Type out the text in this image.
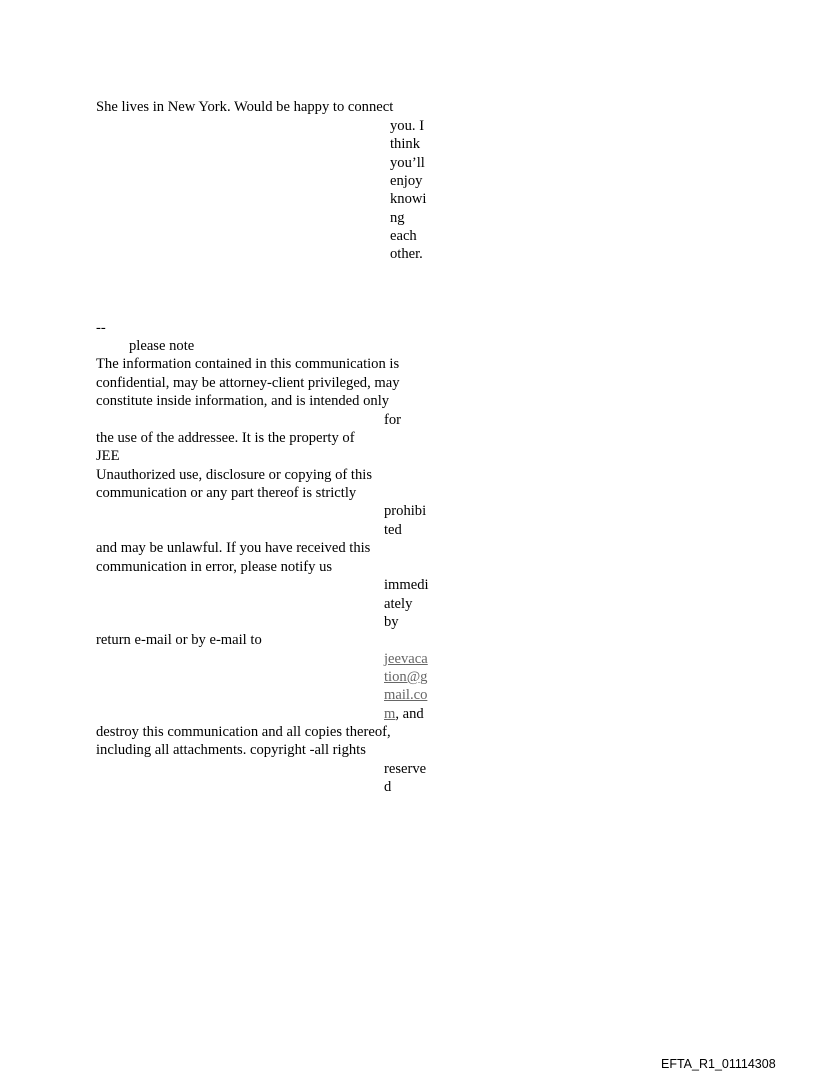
She lives in New York. Would be happy to connect
you. I
think
you’ll
enjoy
knowi
ng
each
other.
--
please note
The information contained in this communication is
confidential, may be attorney-client privileged, may
constitute inside information, and is intended only
for
the use of the addressee. It is the property of
JEE
Unauthorized use, disclosure or copying of this
communication or any part thereof is strictly
prohibi
ted
and may be unlawful. If you have received this
communication in error, please notify us
immedi
ately
by
return e-mail or by e-mail to
jeevaca
tion@g
mail.co
m, and
destroy this communication and all copies thereof,
including all attachments. copyright -all rights
reserve
d
EFTA_R1_01114308
